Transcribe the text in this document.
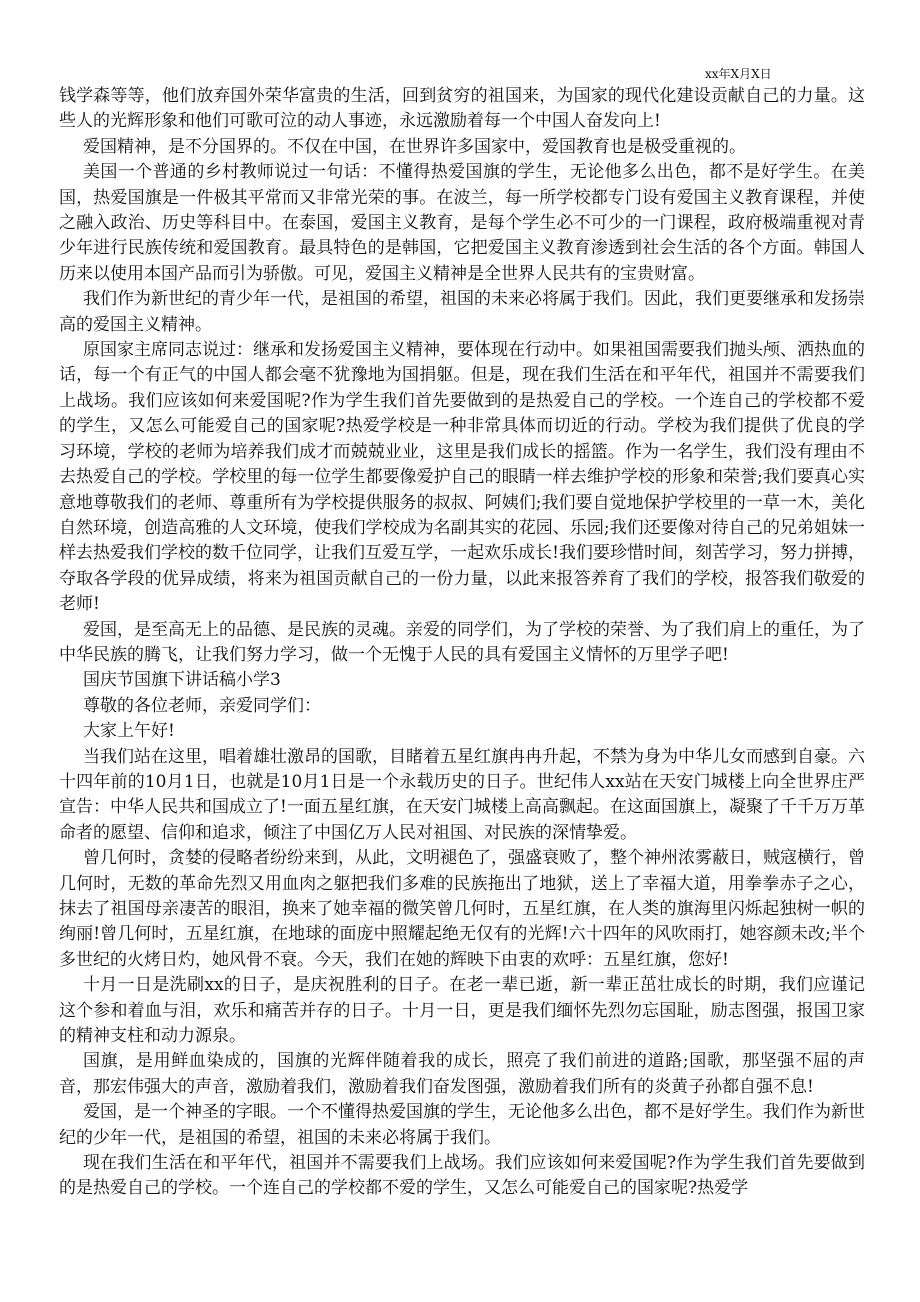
xx年X月X日

钱学森等等，他们放弃国外荣华富贵的生活，回到贫穷的祖国来，为国家的现代化建设贡献自己的力量。这些人的光辉形象和他们可歌可泣的动人事迹，永远激励着每一个中国人奋发向上!

爱国精神，是不分国界的。不仅在中国，在世界许多国家中，爱国教育也是极受重视的。

美国一个普通的乡村教师说过一句话：不懂得热爱国旗的学生，无论他多么出色，都不是好学生。在美国，热爱国旗是一件极其平常而又非常光荣的事。在波兰，每一所学校都专门设有爱国主义教育课程，并使之融入政治、历史等科目中。在泰国，爱国主义教育，是每个学生必不可少的一门课程，政府极端重视对青少年进行民族传统和爱国教育。最具特色的是韩国，它把爱国主义教育渗透到社会生活的各个方面。韩国人历来以使用本国产品而引为骄傲。可见，爱国主义精神是全世界人民共有的宝贵财富。

我们作为新世纪的青少年一代，是祖国的希望，祖国的未来必将属于我们。因此，我们更要继承和发扬崇高的爱国主义精神。

原国家主席同志说过：继承和发扬爱国主义精神，要体现在行动中。如果祖国需要我们抛头颅、洒热血的话，每一个有正气的中国人都会毫不犹豫地为国捐躯。但是，现在我们生活在和平年代，祖国并不需要我们上战场。我们应该如何来爱国呢?作为学生我们首先要做到的是热爱自己的学校。一个连自己的学校都不爱的学生，又怎么可能爱自己的国家呢?热爱学校是一种非常具体而切近的行动。学校为我们提供了优良的学习环境，学校的老师为培养我们成才而兢兢业业，这里是我们成长的摇篮。作为一名学生，我们没有理由不去热爱自己的学校。学校里的每一位学生都要像爱护自己的眼睛一样去维护学校的形象和荣誉;我们要真心实意地尊敬我们的老师、尊重所有为学校提供服务的叔叔、阿姨们;我们要自觉地保护学校里的一草一木，美化自然环境，创造高雅的人文环境，使我们学校成为名副其实的花园、乐园;我们还要像对待自己的兄弟姐妹一样去热爱我们学校的数千位同学，让我们互爱互学，一起欢乐成长!我们要珍惜时间，刻苦学习，努力拼搏，夺取各学段的优异成绩，将来为祖国贡献自己的一份力量，以此来报答养育了我们的学校，报答我们敬爱的老师!

爱国，是至高无上的品德、是民族的灵魂。亲爱的同学们，为了学校的荣誉、为了我们肩上的重任，为了中华民族的腾飞，让我们努力学习，做一个无愧于人民的具有爱国主义情怀的万里学子吧!

国庆节国旗下讲话稿小学3

尊敬的各位老师，亲爱同学们：

大家上午好!

当我们站在这里，唱着雄壮激昂的国歌，目睹着五星红旗冉冉升起，不禁为身为中华儿女而感到自豪。六十四年前的10月1日，也就是10月1日是一个永载历史的日子。世纪伟人xx站在天安门城楼上向全世界庄严宣告：中华人民共和国成立了!一面五星红旗，在天安门城楼上高高飘起。在这面国旗上，凝聚了千千万万革命者的愿望、信仰和追求，倾注了中国亿万人民对祖国、对民族的深情挚爱。

曾几何时，贪婪的侵略者纷纷来到，从此，文明褪色了，强盛衰败了，整个神州浓雾蔽日，贼寇横行，曾几何时，无数的革命先烈又用血肉之躯把我们多难的民族拖出了地狱，送上了幸福大道，用拳拳赤子之心，抹去了祖国母亲凄苦的眼泪，换来了她幸福的微笑曾几何时，五星红旗，在人类的旗海里闪烁起独树一帜的绚丽!曾几何时，五星红旗，在地球的面庞中照耀起绝无仅有的光辉!六十四年的风吹雨打，她容颜未改;半个多世纪的火烤日灼，她风骨不衰。今天，我们在她的辉映下由衷的欢呼：五星红旗，您好!

十月一日是洗刷xx的日子，是庆祝胜利的日子。在老一辈已逝，新一辈正茁壮成长的时期，我们应谨记这个参和着血与泪，欢乐和痛苦并存的日子。十月一日，更是我们缅怀先烈勿忘国耻，励志图强，报国卫家的精神支柱和动力源泉。

国旗，是用鲜血染成的，国旗的光辉伴随着我的成长，照亮了我们前进的道路;国歌，那坚强不屈的声音，那宏伟强大的声音，激励着我们，激励着我们奋发图强，激励着我们所有的炎黄子孙都自强不息!

爱国，是一个神圣的字眼。一个不懂得热爱国旗的学生，无论他多么出色，都不是好学生。我们作为新世纪的少年一代，是祖国的希望，祖国的未来必将属于我们。

现在我们生活在和平年代，祖国并不需要我们上战场。我们应该如何来爱国呢?作为学生我们首先要做到的是热爱自己的学校。一个连自己的学校都不爱的学生，又怎么可能爱自己的国家呢?热爱学
